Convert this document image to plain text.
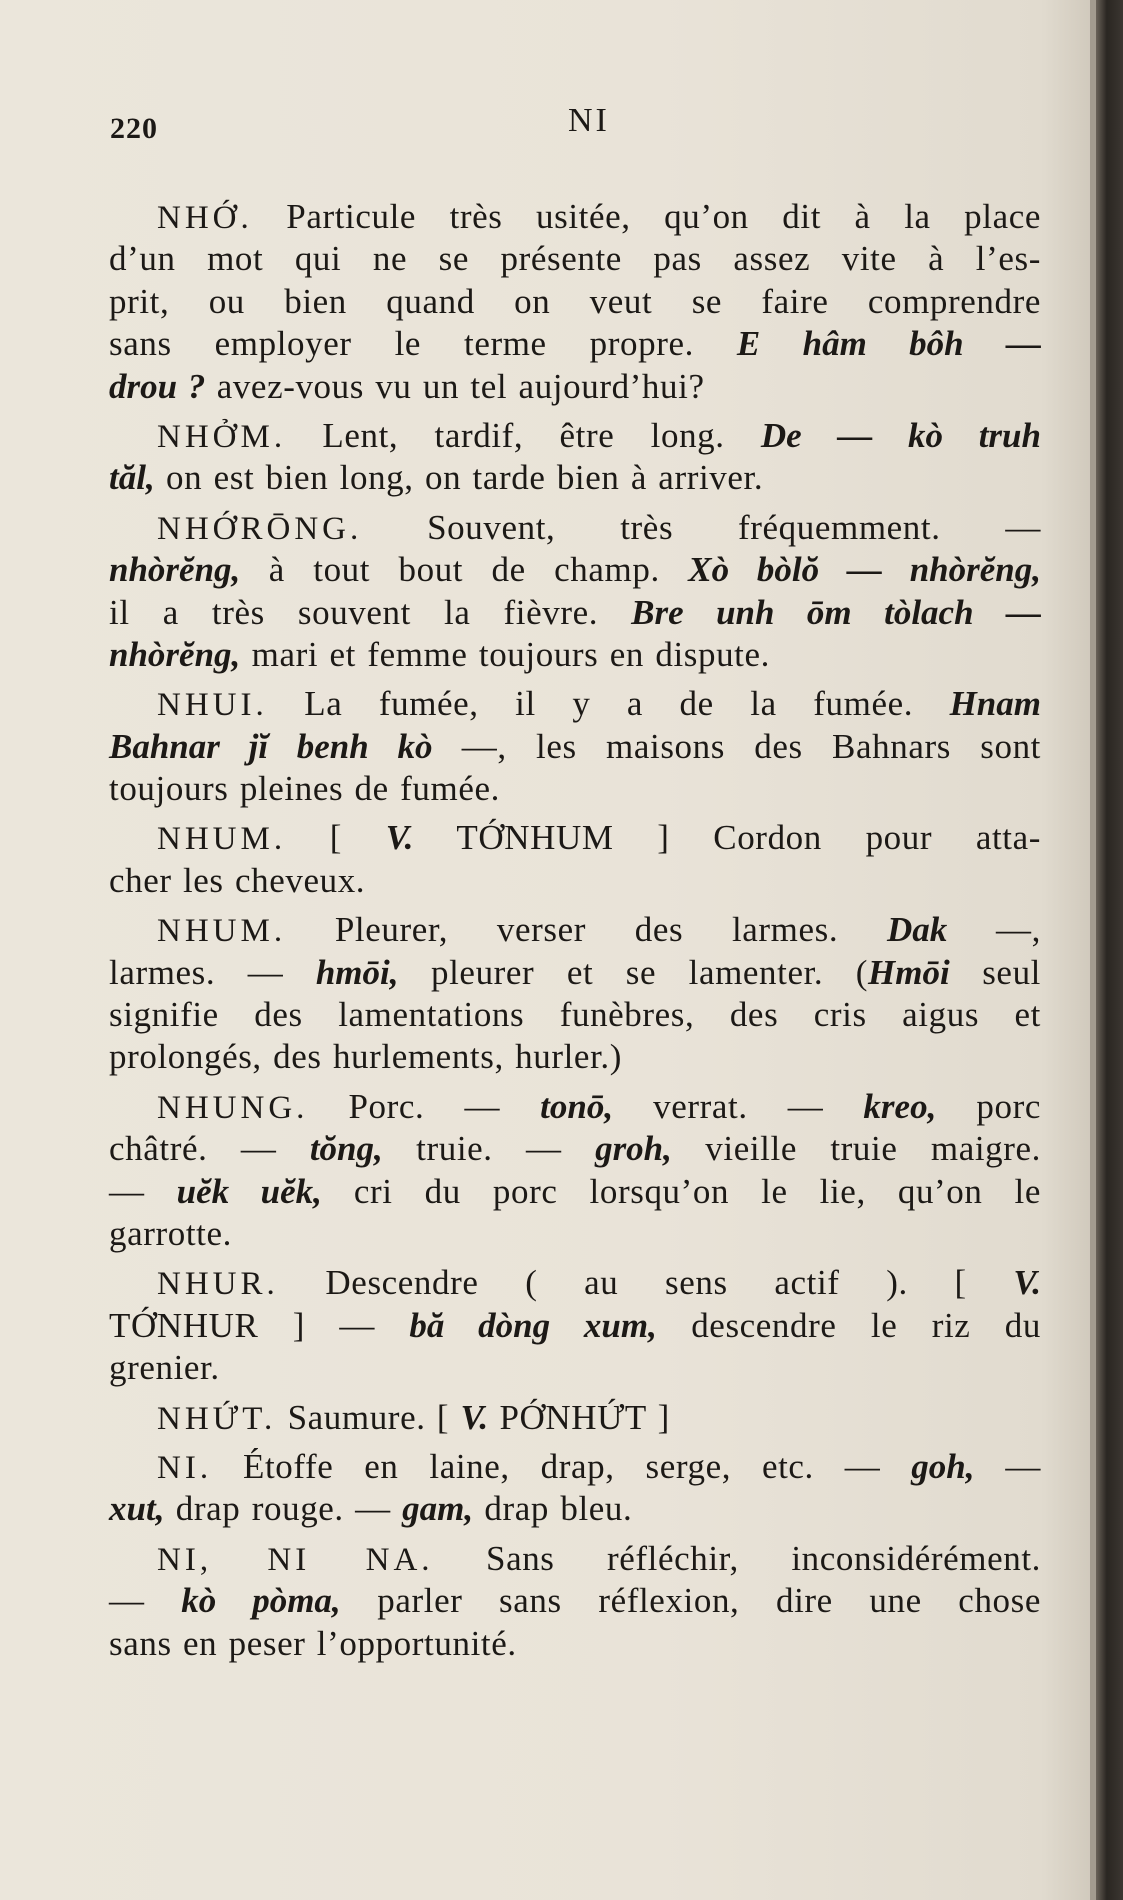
220	NI
NHỚ. Particule très usitée, qu’on dit à la place
d’un mot qui ne se présente pas assez vite à l’es-
prit, ou bien quand on veut se faire comprendre
sans employer le terme propre. E hâm bôh —
drou ? avez-vous vu un tel aujourd’hui?
NHỞM. Lent, tardif, être long. De — kò truh
tăl, on est bien long, on tarde bien à arriver.
NHỚRŌNG. Souvent, très fréquemment. —
nhòrĕng, à tout bout de champ. Xò bòlŏ — nhòrĕng,
il a très souvent la fièvre. Bre unh ōm tòlach —
nhòrĕng, mari et femme toujours en dispute.
NHUI. La fumée, il y a de la fumée. Hnam
Bahnar jĭ benh kò —, les maisons des Bahnars sont
toujours pleines de fumée.
NHUM. [ V. TỚNHUM ] Cordon pour atta-
cher les cheveux.
NHUM. Pleurer, verser des larmes. Dak —,
larmes. — hmōi, pleurer et se lamenter. (Hmōi seul
signifie des lamentations funèbres, des cris aigus et
prolongés, des hurlements, hurler.)
NHUNG. Porc. — tonō, verrat. — kreo, porc
châtré. — tŏng, truie. — groh, vieille truie maigre.
— uĕk uĕk, cri du porc lorsqu’on le lie, qu’on le
garrotte.
NHUR. Descendre ( au sens actif ). [ V.
TỚNHUR ] — bă dòng xum, descendre le riz du
grenier.
NHỨT. Saumure. [ V. PỚNHỨT ]
NI. Étoffe en laine, drap, serge, etc. — goh, —
xut, drap rouge. — gam, drap bleu.
NI, NI NA. Sans réfléchir, inconsidérément.
— kò pòma, parler sans réflexion, dire une chose
sans en peser l’opportunité.
